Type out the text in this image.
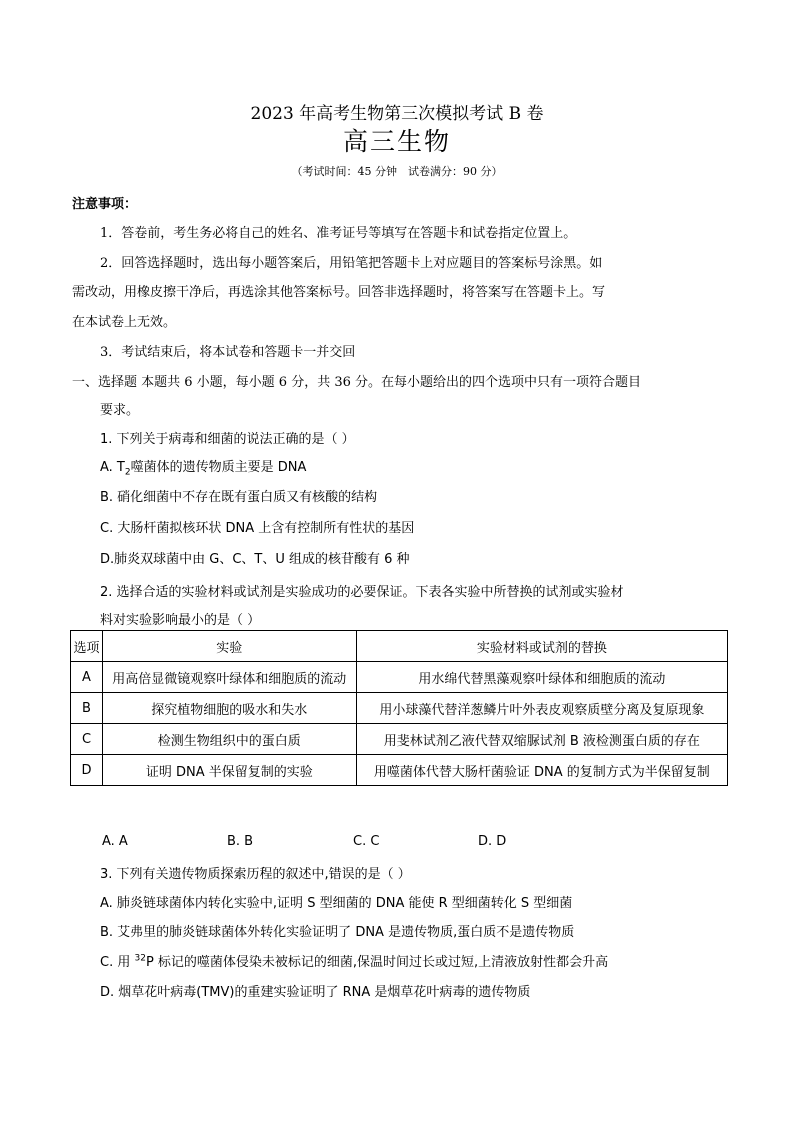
2023 年高考生物第三次模拟考试 B 卷
高三生物
（考试时间：45 分钟　试卷满分：90 分）
注意事项：
1．答卷前，考生务必将自己的姓名、准考证号等填写在答题卡和试卷指定位置上。
2．回答选择题时，选出每小题答案后，用铅笔把答题卡上对应题目的答案标号涂黑。如
需改动，用橡皮擦干净后，再选涂其他答案标号。回答非选择题时，将答案写在答题卡上。写
在本试卷上无效。
3．考试结束后，将本试卷和答题卡一并交回
一、选择题 本题共 6 小题，每小题 6 分，共 36 分。在每小题给出的四个选项中只有一项符合题目
要求。
1. 下列关于病毒和细菌的说法正确的是（ ）
A. $T_2$噬菌体的遗传物质主要是 DNA
B. 硝化细菌中不存在既有蛋白质又有核酸的结构
C. 大肠杆菌拟核环状 DNA 上含有控制所有性状的基因
D.肺炎双球菌中由 G、C、T、U 组成的核苷酸有 6 种
2. 选择合适的实验材料或试剂是实验成功的必要保证。下表各实验中所替换的试剂或实验材
料对实验影响最小的是（ ）
选项	实验	实验材料或试剂的替换
A	用高倍显微镜观察叶绿体和细胞质的流动	用水绵代替黑藻观察叶绿体和细胞质的流动
B	探究植物细胞的吸水和失水	用小球藻代替洋葱鳞片叶外表皮观察质壁分离及复原现象
C	检测生物组织中的蛋白质	用斐林试剂乙液代替双缩脲试剂 B 液检测蛋白质的存在
D	证明 DNA 半保留复制的实验	用噬菌体代替大肠杆菌验证 DNA 的复制方式为半保留复制
A. A	B. B	C. C	D. D
3. 下列有关遗传物质探索历程的叙述中,错误的是（ ）
A. 肺炎链球菌体内转化实验中,证明 S 型细菌的 DNA 能使 R 型细菌转化 S 型细菌
B. 艾弗里的肺炎链球菌体外转化实验证明了 DNA 是遗传物质,蛋白质不是遗传物质
C. 用 $^{32}$P 标记的噬菌体侵染未被标记的细菌,保温时间过长或过短,上清液放射性都会升高
D. 烟草花叶病毒(TMV)的重建实验证明了 RNA 是烟草花叶病毒的遗传物质
